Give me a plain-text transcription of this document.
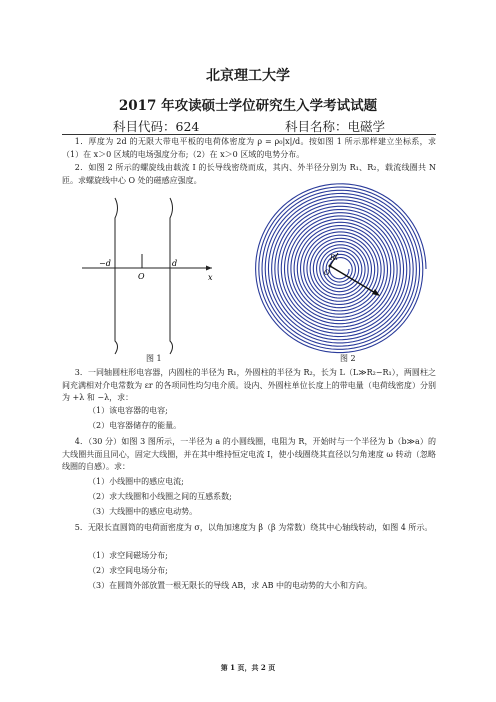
北京理工大学
2017 年攻读硕士学位研究生入学考试试题
科目代码：624	科目名称：电磁学
1．厚度为 2d 的无限大带电平板的电荷体密度为 ρ = ρ₀|x|/d。按如图 1 所示那样建立坐标系，求（1）在 x＞0 区域的电场强度分布;（2）在 x＞0 区域的电势分布。
2．如图 2 所示的螺旋线由载流 I 的长导线密绕而成，其内、外半径分别为 R₁、R₂，载流线圈共 N 匝。求螺旋线中心 O 处的磁感应强度。
−d	d
O	x
图 1
R₁
O
图 2
3．一同轴圆柱形电容器，内圆柱的半径为 R₁，外圆柱的半径为 R₂，长为 L（L≫R₂−R₁），两圆柱之间充满相对介电常数为 εr 的各项同性均匀电介质。设内、外圆柱单位长度上的带电量（电荷线密度）分别为 +λ 和 −λ，求：
（1）该电容器的电容;
（2）电容器储存的能量。
4．（30 分）如图 3 图所示，一半径为 a 的小圆线圈，电阻为 R，开始时与一个半径为 b（b≫a）的大线圈共面且同心，固定大线圈，并在其中维持恒定电流 I，使小线圈绕其直径以匀角速度 ω 转动（忽略线圈的自感）。求：
（1）小线圈中的感应电流;
（2）求大线圈和小线圈之间的互感系数;
（3）大线圈中的感应电动势。
5．无限长直圆筒的电荷面密度为 σ，以角加速度为 β（β 为常数）绕其中心轴线转动，如图 4 所示。
（1）求空间磁场分布;
（2）求空间电场分布;
（3）在圆筒外部放置一根无限长的导线 AB，求 AB 中的电动势的大小和方向。
第 1 页，共 2 页
